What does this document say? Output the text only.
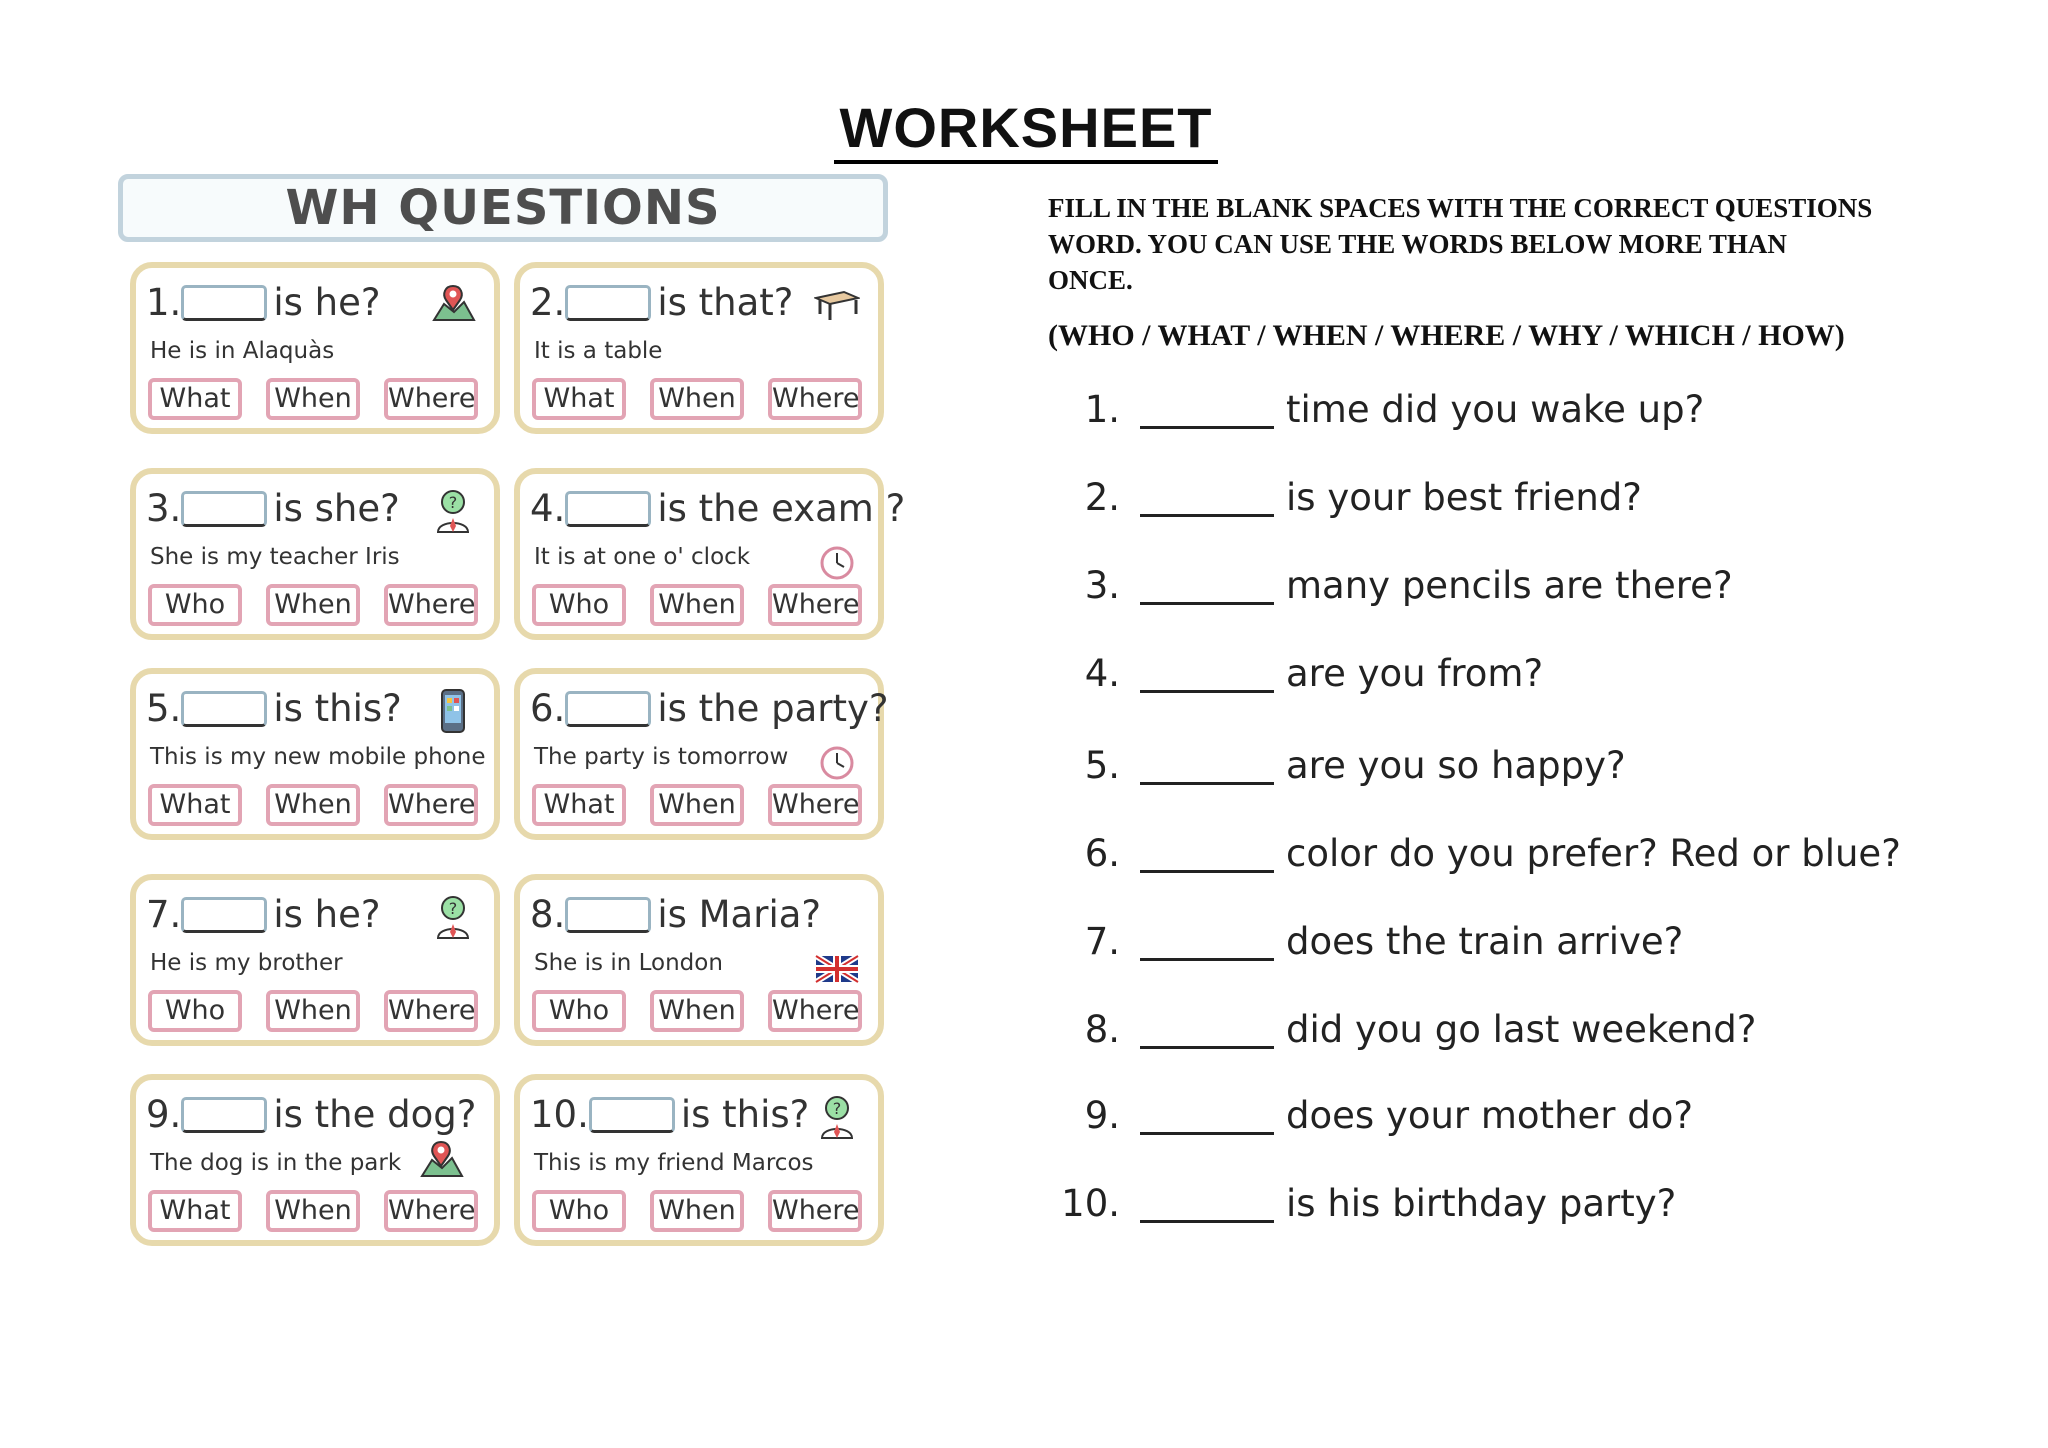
WORKSHEET
WH QUESTIONS
1. is he?
He is in Alaquàs
What	When	Where
2. is that?
It is a table
What	When	Where
3. is she?	?
She is my teacher Iris
Who	When	Where
4. is the exam ?
It is at one o' clock
Who	When	Where
5. is this?
This is my new mobile phone
What	When	Where
6. is the party?
The party is tomorrow
What	When	Where
7. is he?	?
He is my brother
Who	When	Where
8. is Maria?
She is in London
Who	When	Where
9. is the dog?
The dog is in the park
What	When	Where
10. is this? ?
This is my friend Marcos
Who	When	Where
FILL IN THE BLANK SPACES WITH THE CORRECT QUESTIONS WORD. YOU CAN USE THE WORDS BELOW MORE THAN ONCE.
(WHO / WHAT / WHEN / WHERE / WHY / WHICH / HOW)
1.	time did you wake up?
2.	is your best friend?
3.	many pencils are there?
4.	are you from?
5.	are you so happy?
6.	color do you prefer? Red or blue?
7.	does the train arrive?
8.	did you go last weekend?
9.	does your mother do?
10.	is his birthday party?
